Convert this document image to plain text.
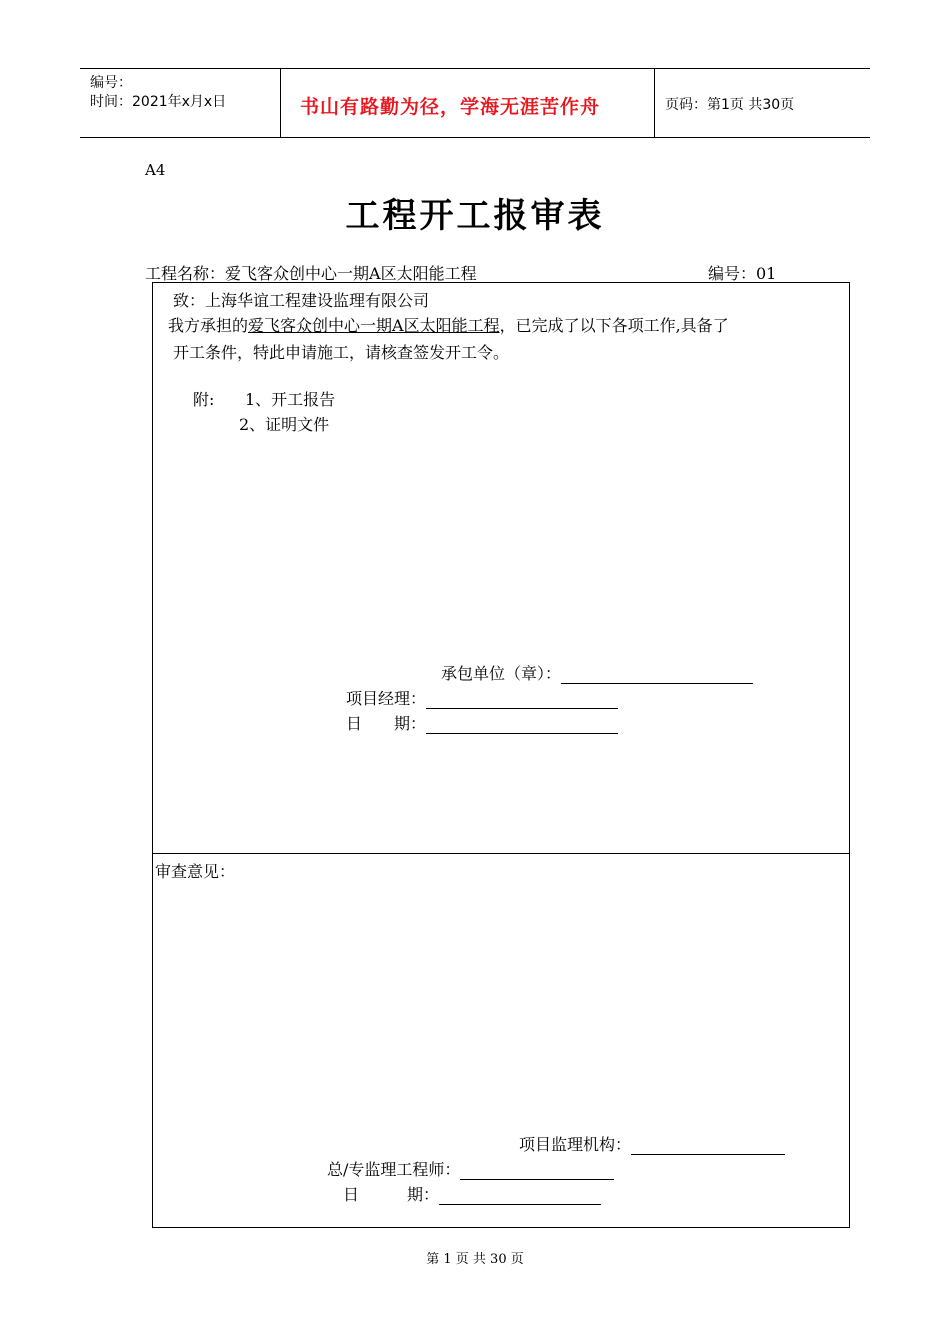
编号：
时间：2021年x月x日	书山有路勤为径，学海无涯苦作舟	页码：第1页 共30页
A4
工程开工报审表
工程名称：爱飞客众创中心一期A区太阳能工程	编号：01
致：上海华谊工程建设监理有限公司
我方承担的爱飞客众创中心一期A区太阳能工程，已完成了以下各项工作,具备了
开工条件，特此申请施工，请核查签发开工令。
附: 1、开工报告
2、证明文件
承包单位（章）：
项目经理：
日　　期：
审查意见：
项目监理机构：
总/专监理工程师：
日　　　期：
第 1 页 共 30 页
